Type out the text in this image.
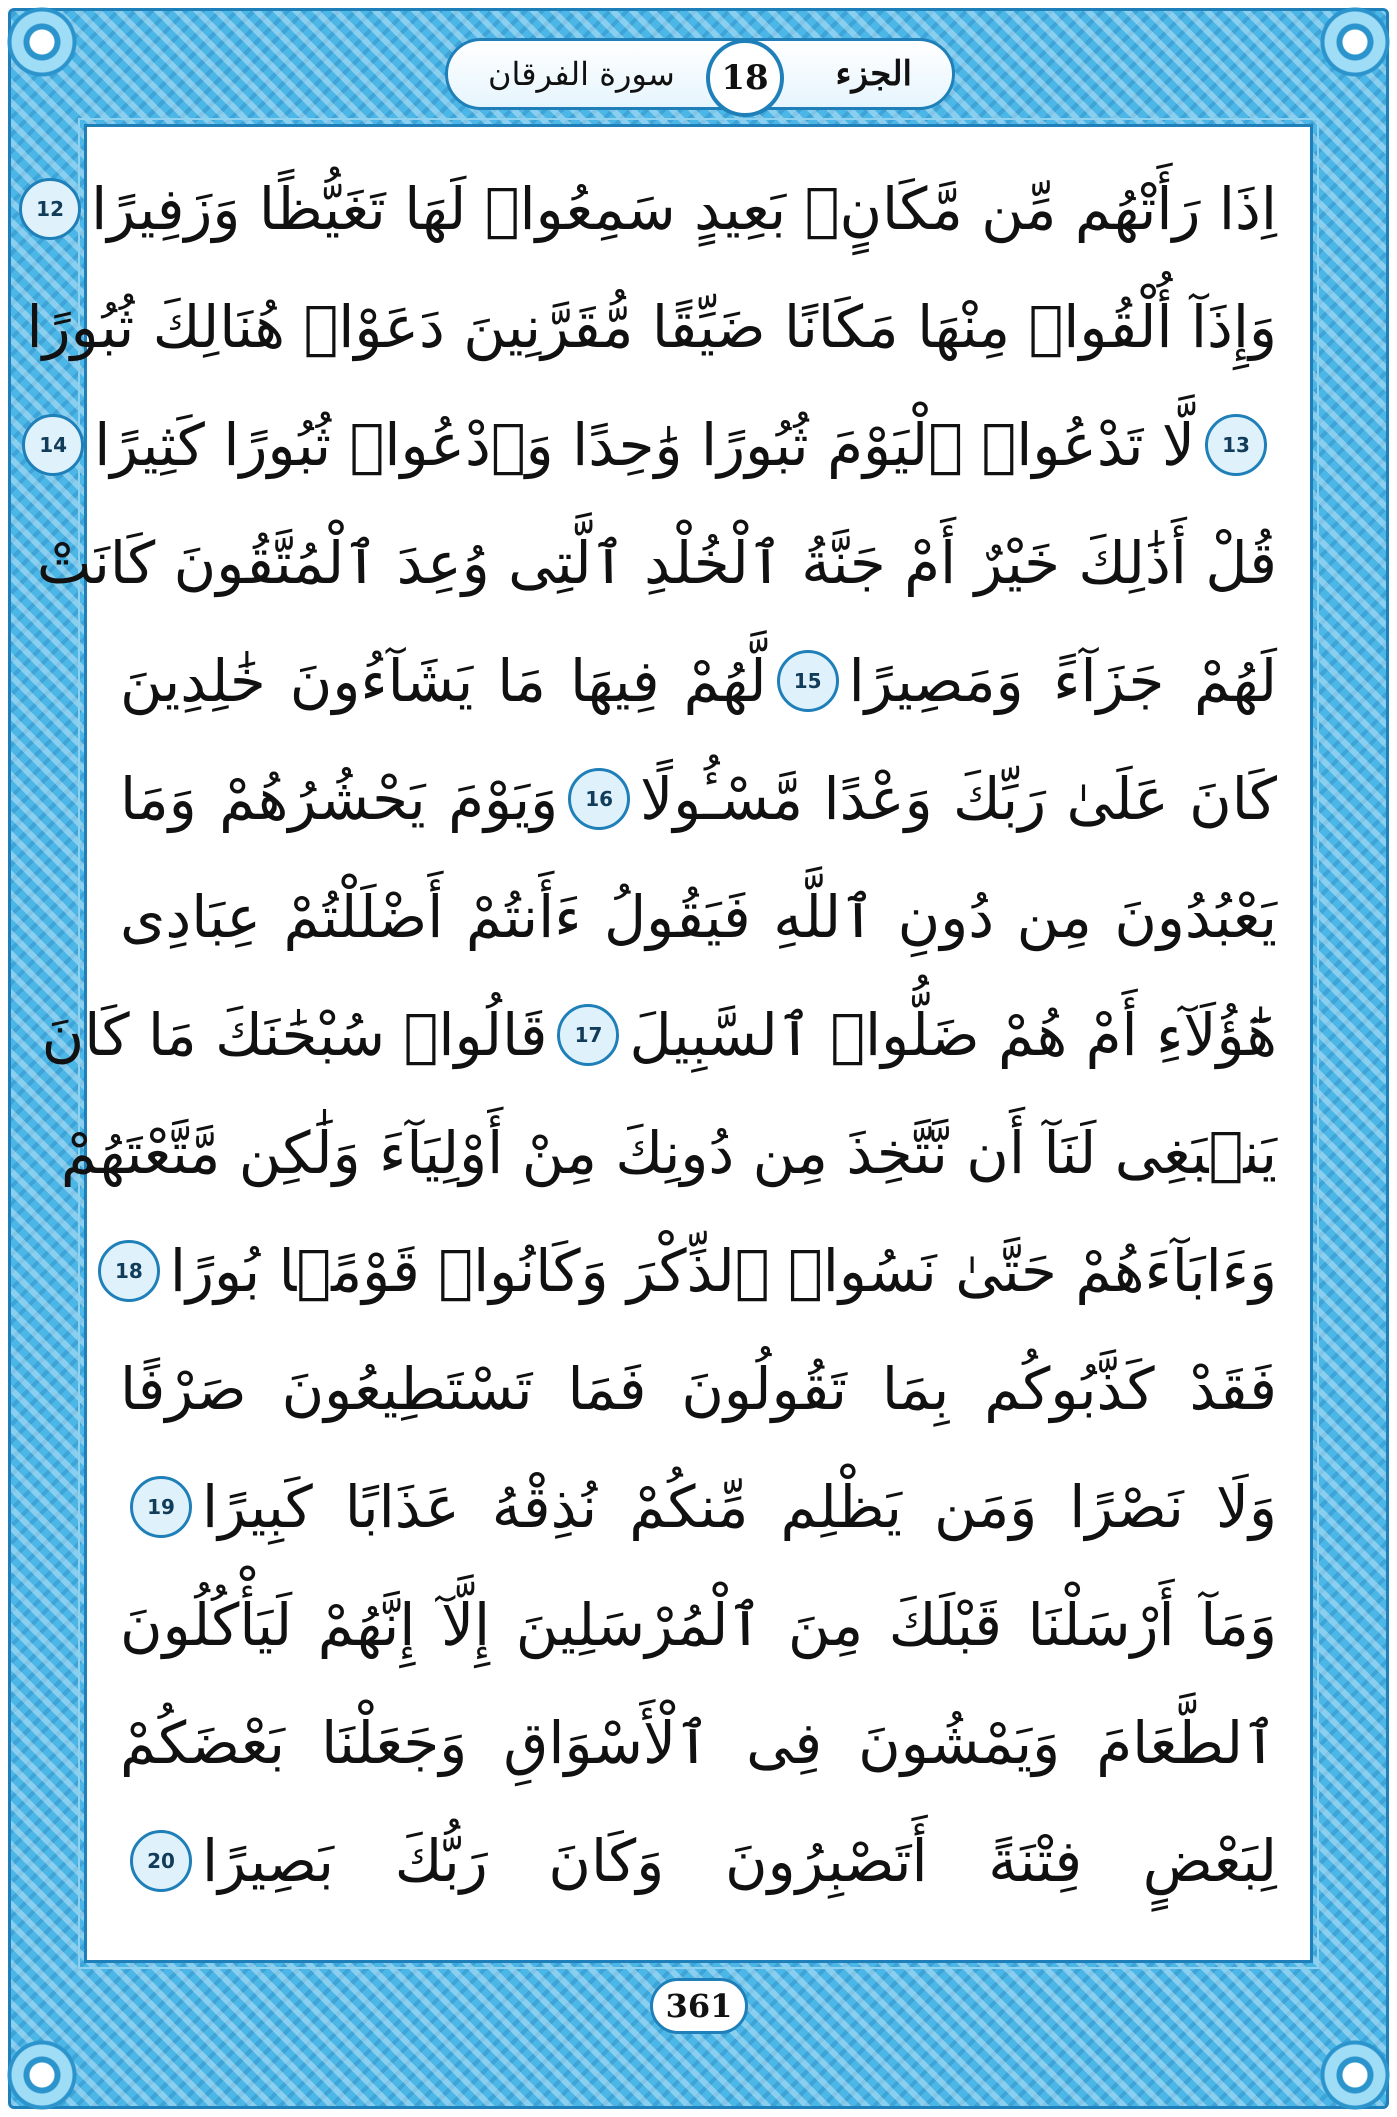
الجزء
سورة الفرقان	18
اِذَا رَأَتْهُم مِّن مَّكَانٍۭ بَعِيدٍ سَمِعُوا۟ لَهَا تَغَيُّظًا وَزَفِيرًا
12
وَإِذَآ أُلْقُوا۟ مِنْهَا مَكَانًا ضَيِّقًا مُّقَرَّنِينَ دَعَوْا۟ هُنَالِكَ ثُبُورًا
13
لَّا تَدْعُوا۟ ٱلْيَوْمَ ثُبُورًا وَٰحِدًا وَٱدْعُوا۟ ثُبُورًا كَثِيرًا
14
قُلْ أَذَٰلِكَ خَيْرٌ أَمْ جَنَّةُ ٱلْخُلْدِ ٱلَّتِى وُعِدَ ٱلْمُتَّقُونَ كَانَتْ
لَهُمْ جَزَآءً وَمَصِيرًا
15
لَّهُمْ فِيهَا مَا يَشَآءُونَ خَٰلِدِينَ
كَانَ عَلَىٰ رَبِّكَ وَعْدًا مَّسْـُٔولًا
16
وَيَوْمَ يَحْشُرُهُمْ وَمَا
يَعْبُدُونَ مِن دُونِ ٱللَّهِ فَيَقُولُ ءَأَنتُمْ أَضْلَلْتُمْ عِبَادِى
هَٰٓؤُلَآءِ أَمْ هُمْ ضَلُّوا۟ ٱلسَّبِيلَ
17
قَالُوا۟ سُبْحَٰنَكَ مَا كَانَ
يَنۢبَغِى لَنَآ أَن نَّتَّخِذَ مِن دُونِكَ مِنْ أَوْلِيَآءَ وَلَٰكِن مَّتَّعْتَهُمْ
وَءَابَآءَهُمْ حَتَّىٰ نَسُوا۟ ٱلذِّكْرَ وَكَانُوا۟ قَوْمًۢا بُورًا
18
فَقَدْ كَذَّبُوكُم بِمَا تَقُولُونَ فَمَا تَسْتَطِيعُونَ صَرْفًا
وَلَا نَصْرًا وَمَن يَظْلِم مِّنكُمْ نُذِقْهُ عَذَابًا كَبِيرًا
19
وَمَآ أَرْسَلْنَا قَبْلَكَ مِنَ ٱلْمُرْسَلِينَ إِلَّآ إِنَّهُمْ لَيَأْكُلُونَ
ٱلطَّعَامَ وَيَمْشُونَ فِى ٱلْأَسْوَاقِ وَجَعَلْنَا بَعْضَكُمْ
لِبَعْضٍ فِتْنَةً أَتَصْبِرُونَ وَكَانَ رَبُّكَ بَصِيرًا
20
361
